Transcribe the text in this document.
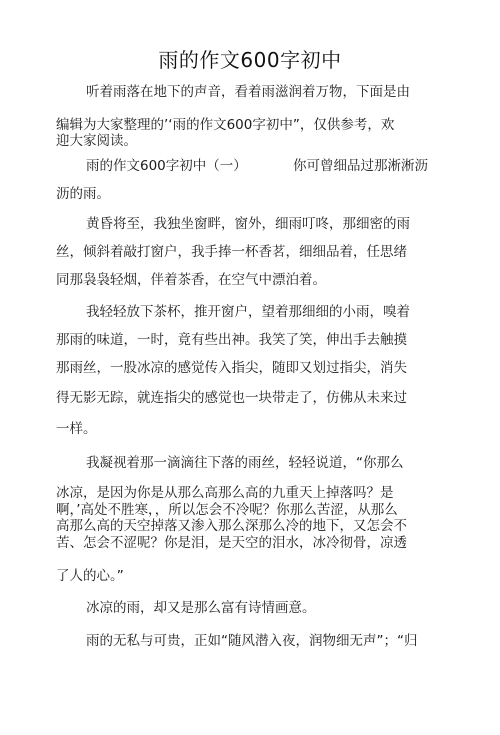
雨的作文600字初中
听着雨落在地下的声音，看着雨滋润着万物，下面是由
编辑为大家整理的’‘雨的作文600字初中”，仅供参考，欢
迎大家阅读。
雨的作文600字初中（一）	你可曾细品过那淅淅沥
沥的雨。
黄昏将至，我独坐窗畔，窗外，细雨叮咚，那细密的雨
丝，倾斜着敲打窗户，我手捧一杯香茗，细细品着，任思绪
同那袅袅轻烟，伴着茶香，在空气中漂泊着。
我轻轻放下茶杯，推开窗户，望着那细细的小雨，嗅着
那雨的味道，一时，竟有些出神。我笑了笑，伸出手去触摸
那雨丝，一股冰凉的感觉传入指尖，随即又划过指尖，消失
得无影无踪，就连指尖的感觉也一块带走了，仿佛从未来过
一样。
我凝视着那一滴滴往下落的雨丝，轻轻说道，“你那么
冰凉，是因为你是从那么高那么高的九重天上掉落吗？是
啊，’高处不胜寒，，所以怎会不冷呢？你那么苦涩，从那么
高那么高的天空掉落又渗入那么深那么冷的地下，又怎会不
苦、怎会不涩呢？你是泪，是天空的泪水，冰冷彻骨，凉透
了人的心。”
冰凉的雨，却又是那么富有诗情画意。
雨的无私与可贵，正如“随风潜入夜，润物细无声”；“归
